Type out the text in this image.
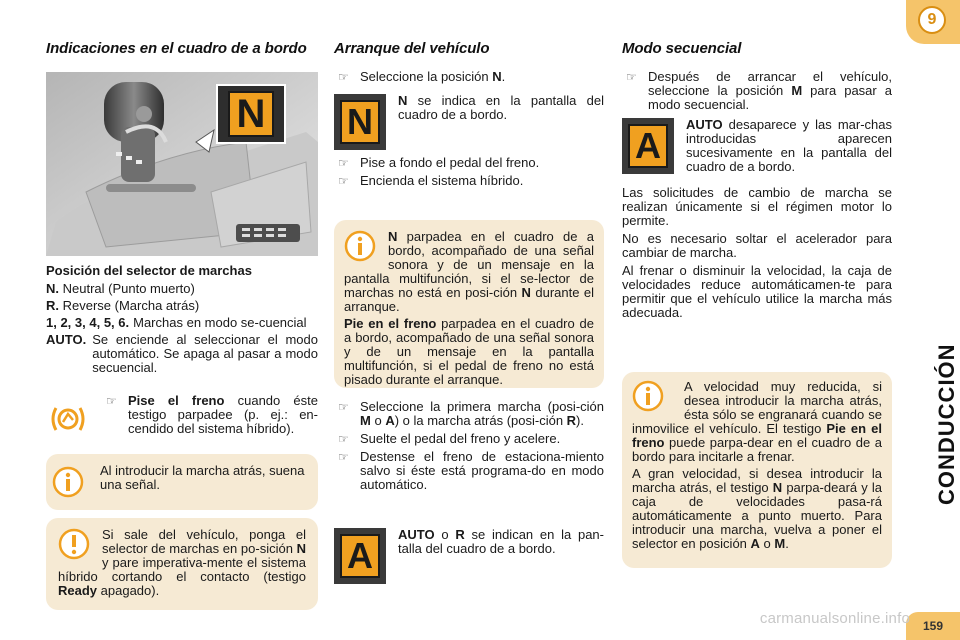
Indicaciones en el cuadro de a bordo
N
Posición del selector de marchas
N. Neutral (Punto muerto)
R. Reverse (Marcha atrás)
1, 2, 3, 4, 5, 6. Marchas en modo se-cuencial
AUTO. Se enciende al seleccionar el modo automático. Se apaga al pasar a modo secuencial.
☞ Pise el freno cuando éste testigo parpadee (p. ej.: en-cendido del sistema híbrido).
Al introducir la marcha atrás, suena una señal.
Si sale del vehículo, ponga el selector de marchas en po-sición N y pare imperativa-mente el sistema híbrido cortando el contacto (testigo Ready apagado).
Arranque del vehículo
☞ Seleccione la posición N.
N
N se indica en la pantalla del cuadro de a bordo.
☞ Pise a fondo el pedal del freno.
☞ Encienda el sistema híbrido.
N parpadea en el cuadro de a bordo, acompañado de una señal sonora y de un mensaje en la pantalla multifunción, si el se-lector de marchas no está en posi-ción N durante el arranque.
Pie en el freno parpadea en el cuadro de a bordo, acompañado de una señal sonora y de un mensaje en la pantalla multifunción, si el pedal de freno no está pisado durante el arranque.
☞ Seleccione la primera marcha (posi-ción M o A) o la marcha atrás (posi-ción R).
☞ Suelte el pedal del freno y acelere.
☞ Destense el freno de estaciona-miento salvo si éste está programa-do en modo automático.
A
AUTO o R se indican en la pan-talla del cuadro de a bordo.
Modo secuencial
☞ Después de arrancar el vehículo, seleccione la posición M para pasar a modo secuencial.
A
AUTO desaparece y las mar-chas introducidas aparecen sucesivamente en la pantalla del cuadro de a bordo.
Las solicitudes de cambio de marcha se realizan únicamente si el régimen motor lo permite.
No es necesario soltar el acelerador para cambiar de marcha.
Al frenar o disminuir la velocidad, la caja de velocidades reduce automáticamen-te para permitir que el vehículo utilice la marcha más adecuada.
A velocidad muy reducida, si desea introducir la marcha atrás, ésta sólo se engranará cuando se inmovilice el vehículo. El testigo Pie en el freno puede parpa-dear en el cuadro de a bordo para incitarle a frenar.
A gran velocidad, si desea introducir la marcha atrás, el testigo N parpa-deará y la caja de velocidades pasa-rá automáticamente a punto muerto. Para introducir una marcha, vuelva a poner el selector en posición A o M.
9
CONDUCCIÓN
159
carmanualsonline.info
